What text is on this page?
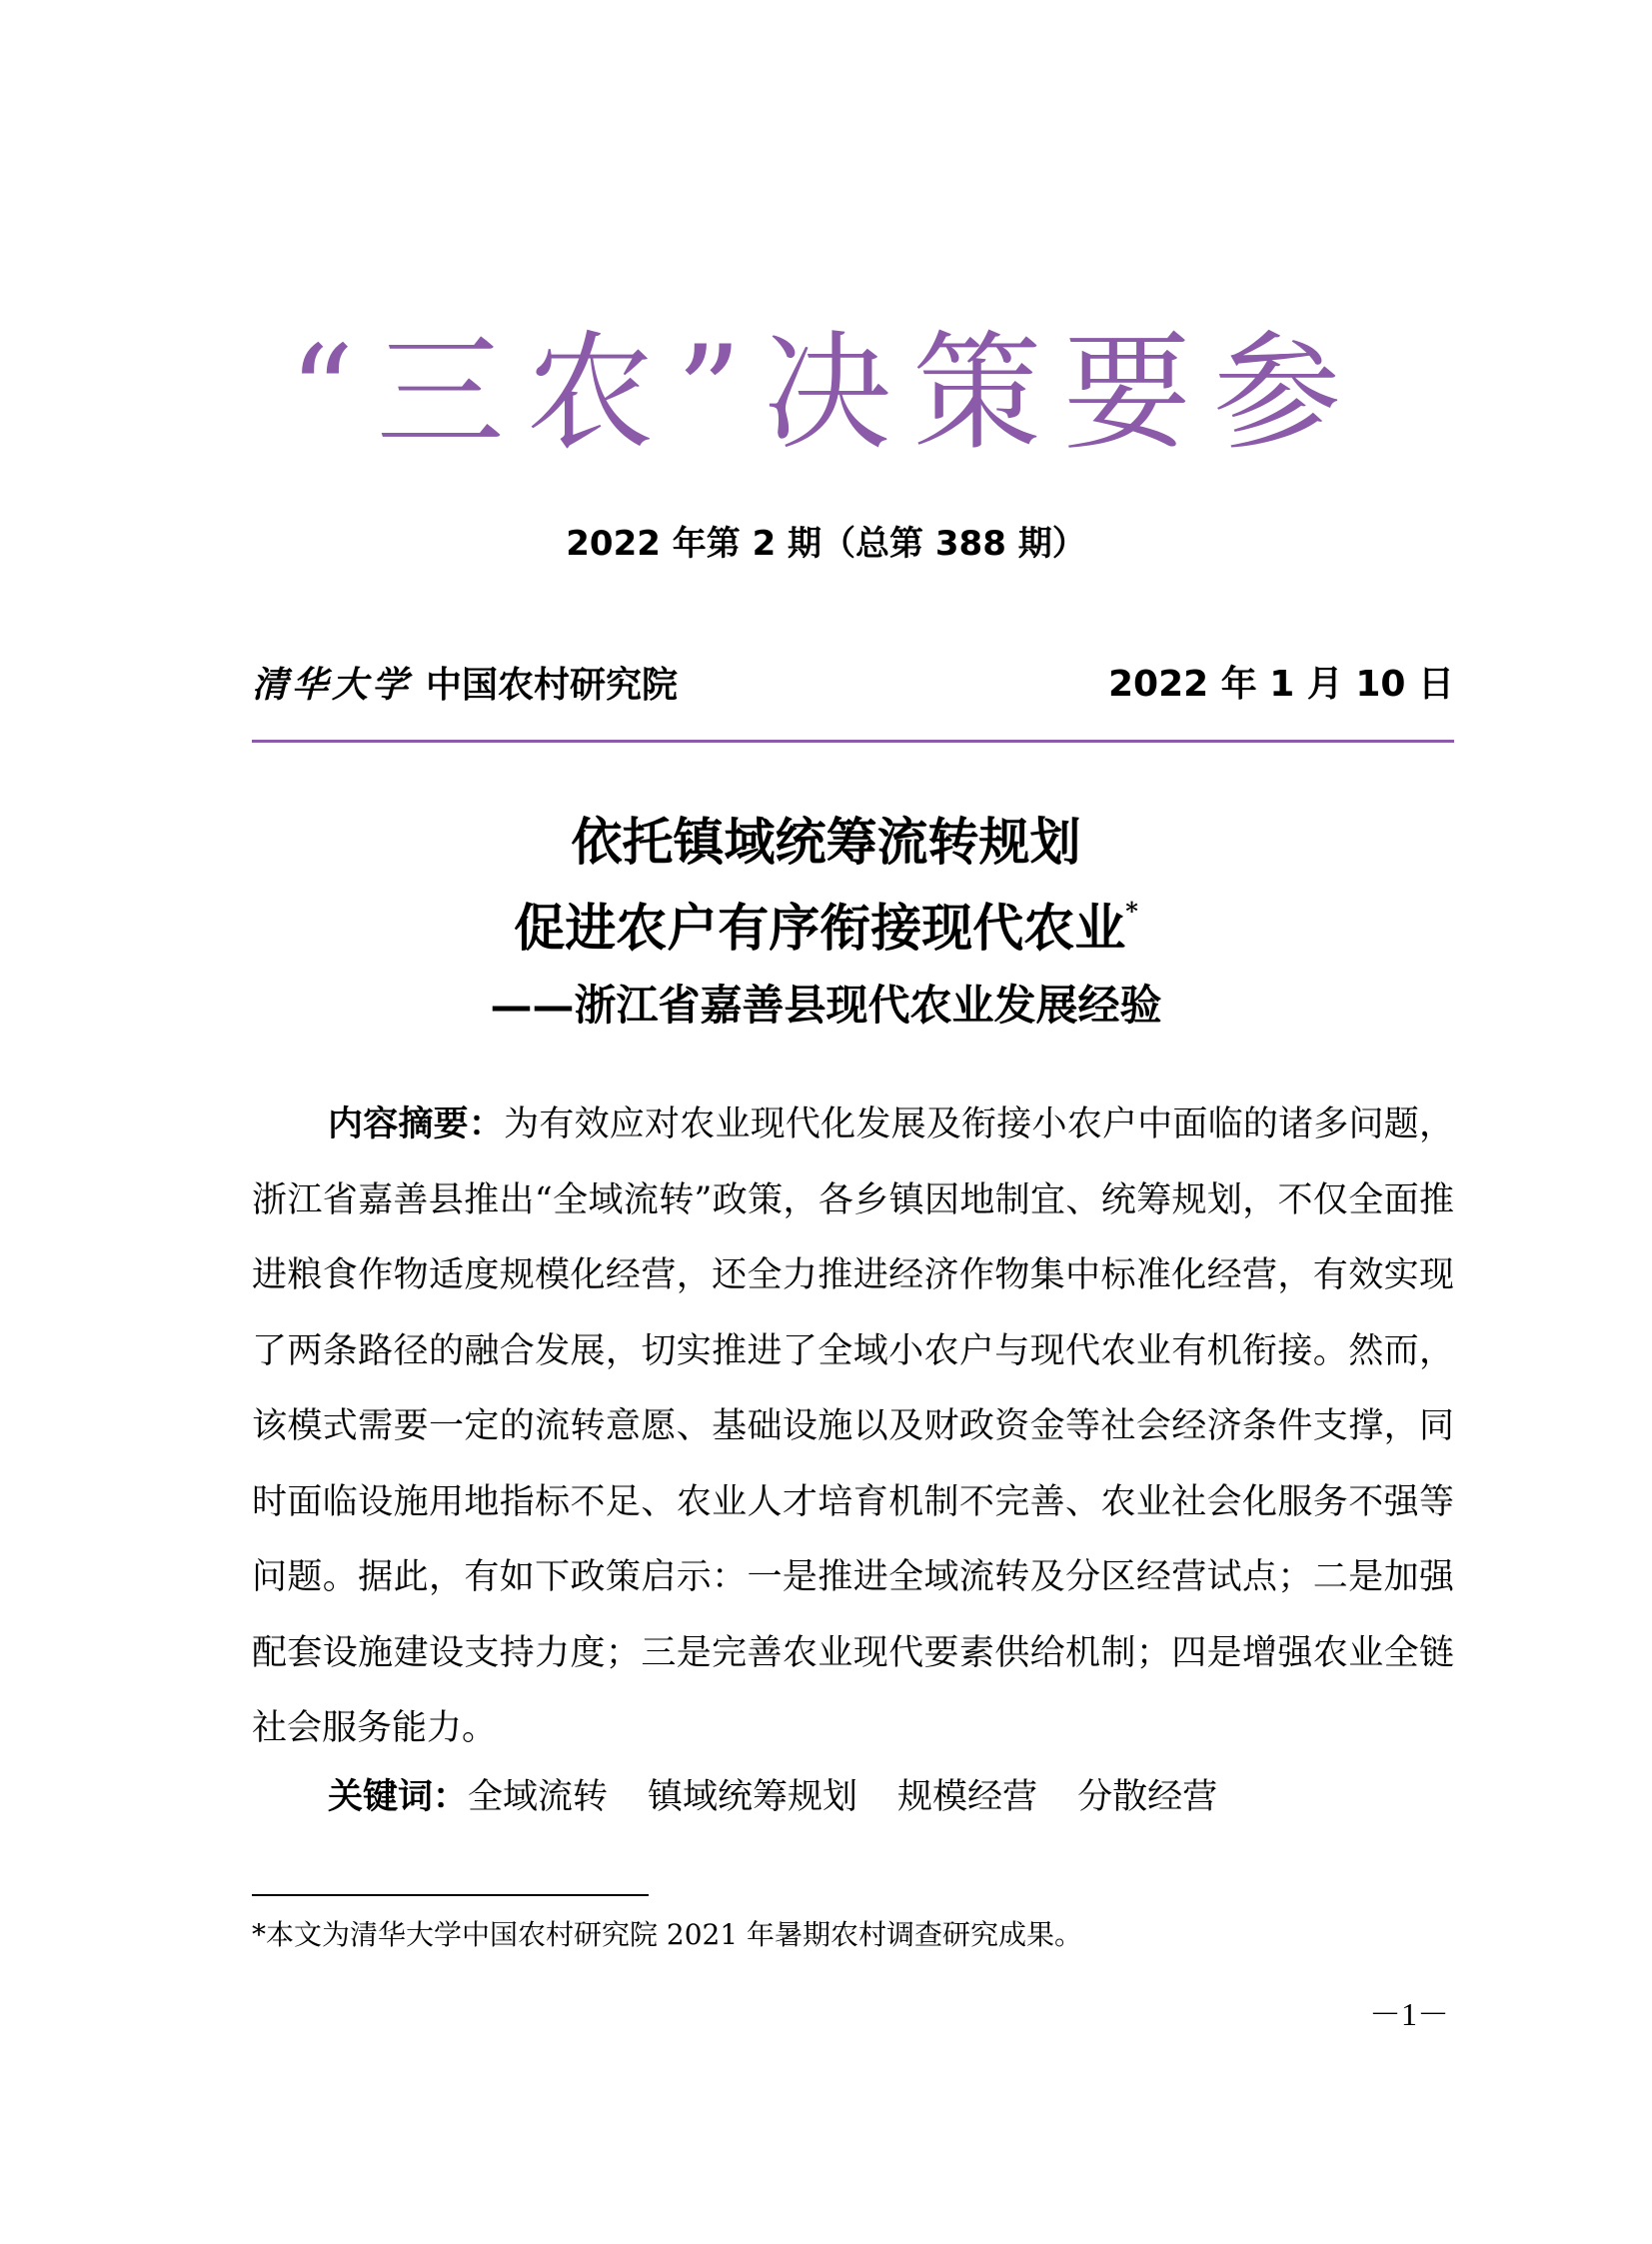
“三农”决策要参
2022 年第 2 期（总第 388 期）
清华大学 中国农村研究院	2022 年 1 月 10 日
依托镇域统筹流转规划
促进农户有序衔接现代农业*
——浙江省嘉善县现代农业发展经验
内容摘要：为有效应对农业现代化发展及衔接小农户中面临的诸多问题，浙江省嘉善县推出“全域流转”政策，各乡镇因地制宜、统筹规划，不仅全面推进粮食作物适度规模化经营，还全力推进经济作物集中标准化经营，有效实现了两条路径的融合发展，切实推进了全域小农户与现代农业有机衔接。然而，该模式需要一定的流转意愿、基础设施以及财政资金等社会经济条件支撑，同时面临设施用地指标不足、农业人才培育机制不完善、农业社会化服务不强等问题。据此，有如下政策启示：一是推进全域流转及分区经营试点；二是加强配套设施建设支持力度；三是完善农业现代要素供给机制；四是增强农业全链社会服务能力。
关键词：全域流转 镇域统筹规划 规模经营 分散经营
*本文为清华大学中国农村研究院 2021 年暑期农村调查研究成果。
－1－
